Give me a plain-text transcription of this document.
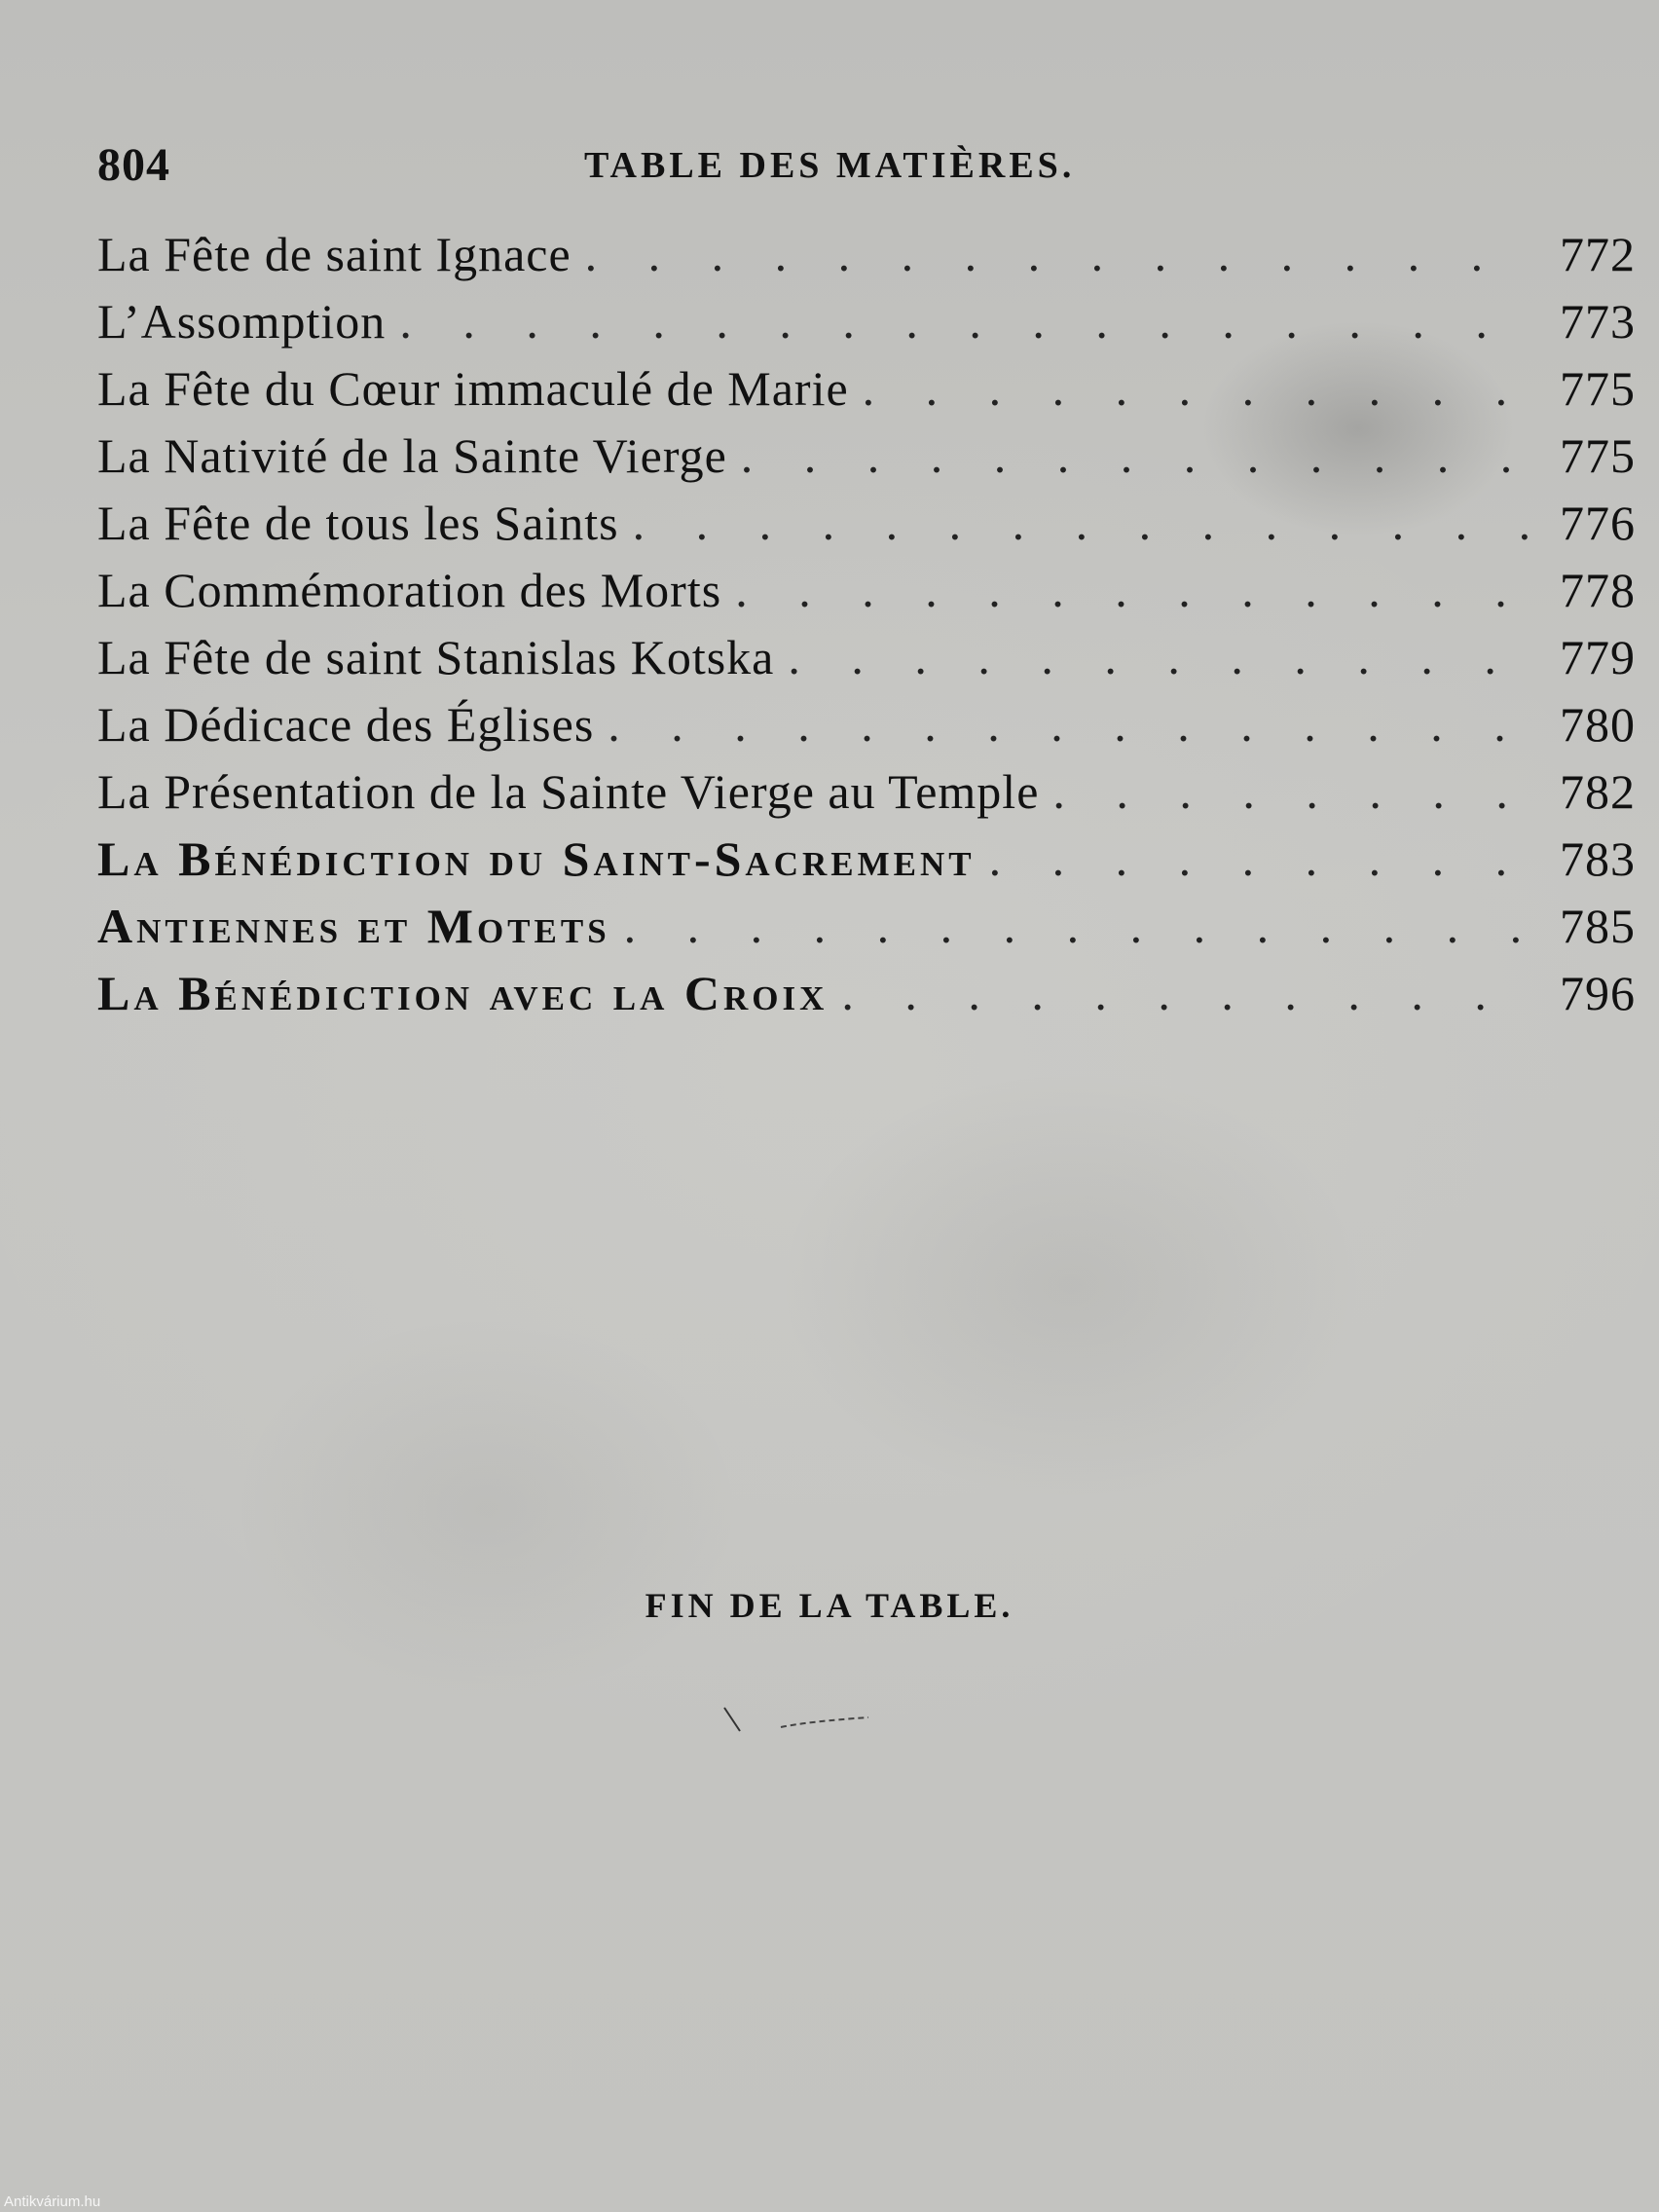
804	TABLE DES MATIÈRES.
La Fête de saint Ignace . . .	772
L’Assomption . . .	773
La Fête du Cœur immaculé de Marie . . .	775
La Nativité de la Sainte Vierge . . .	775
La Fête de tous les Saints . . .	776
La Commémoration des Morts . . .	778
La Fête de saint Stanislas Kotska . . .	779
La Dédicace des Églises . . .	780
La Présentation de la Sainte Vierge au Temple . . .	782
La Bénédiction du Saint-Sacrement . . .	783
Antiennes et Motets . . .	785
La Bénédiction avec la Croix . . .	796
FIN DE LA TABLE.
Antikvárium.hu
